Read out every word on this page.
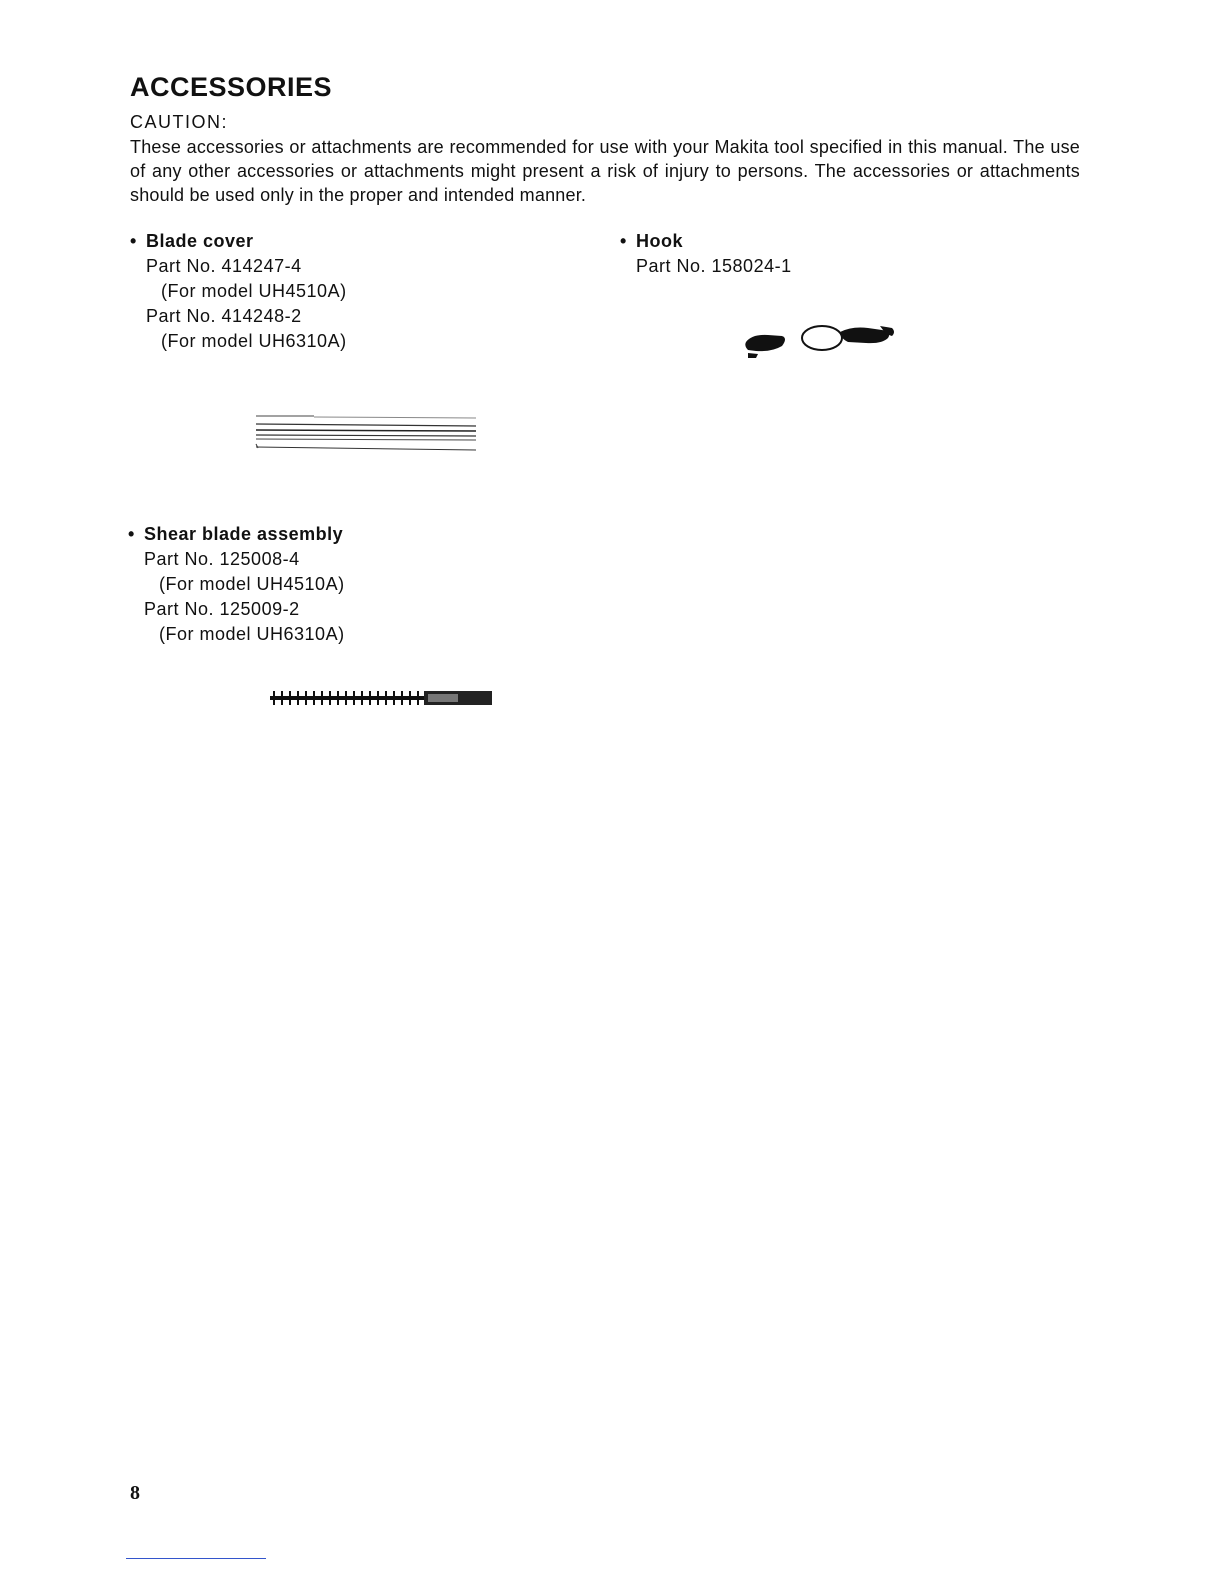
ACCESSORIES
CAUTION:
These accessories or attachments are recommended for use with your Makita tool specified in this manual. The use of any other accessories or attachments might present a risk of injury to persons. The accessories or attachments should be used only in the proper and intended manner.
• Blade cover
Part No. 414247-4
(For model UH4510A)
Part No. 414248-2
(For model UH6310A)
• Hook
Part No. 158024-1
• Shear blade assembly
Part No. 125008-4
(For model UH4510A)
Part No. 125009-2
(For model UH6310A)
8
